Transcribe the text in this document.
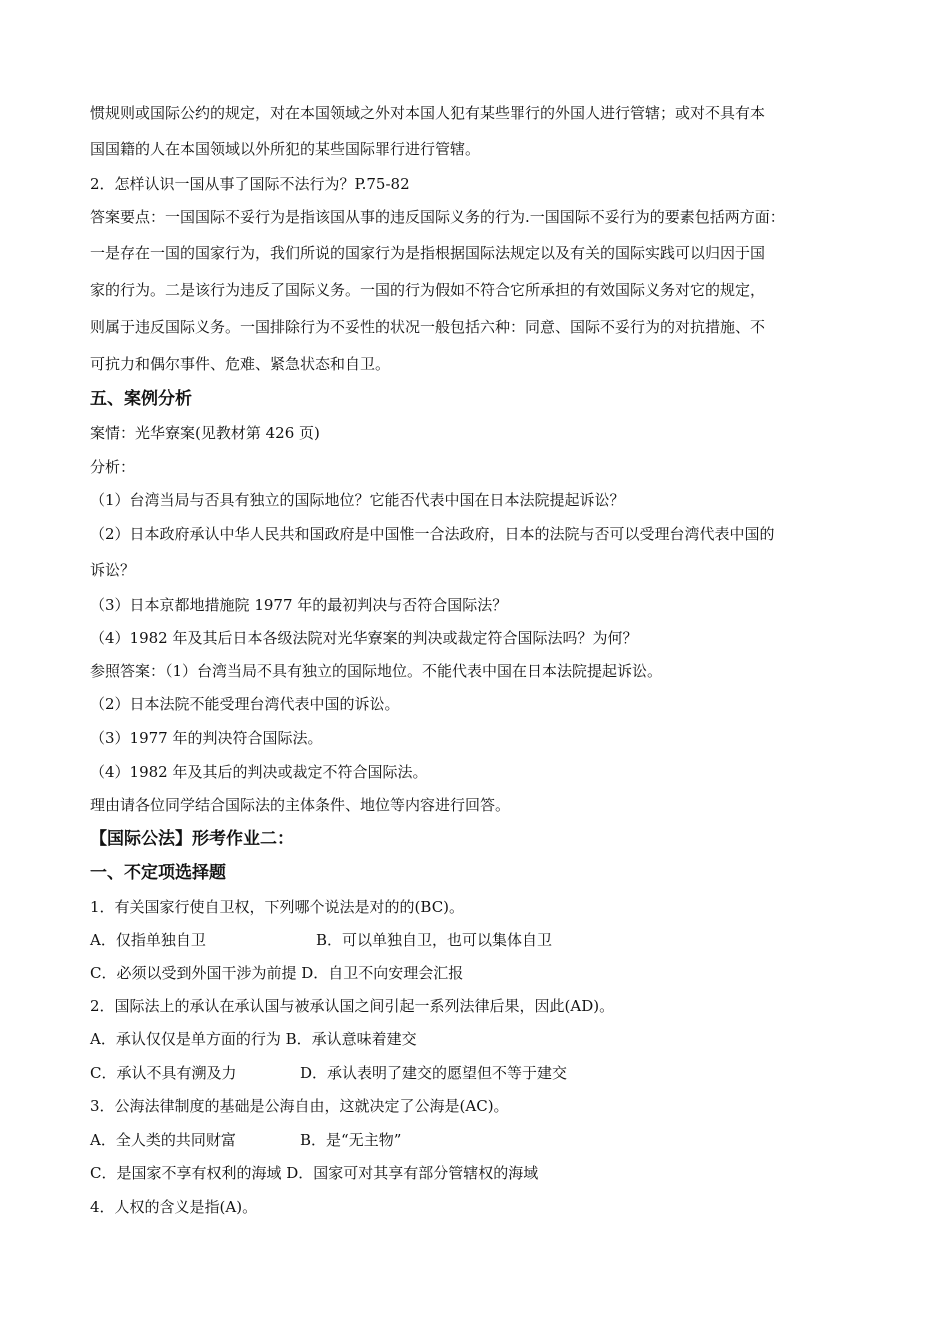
惯规则或国际公约的规定，对在本国领域之外对本国人犯有某些罪行的外国人进行管辖；或对不具有本
国国籍的人在本国领域以外所犯的某些国际罪行进行管辖。
2．怎样认识一国从事了国际不法行为？P.75-82
答案要点：一国国际不妥行为是指该国从事的违反国际义务的行为.一国国际不妥行为的要素包括两方面：
一是存在一国的国家行为，我们所说的国家行为是指根据国际法规定以及有关的国际实践可以归因于国
家的行为。二是该行为违反了国际义务。一国的行为假如不符合它所承担的有效国际义务对它的规定，
则属于违反国际义务。一国排除行为不妥性的状况一般包括六种：同意、国际不妥行为的对抗措施、不
可抗力和偶尔事件、危难、紧急状态和自卫。
五、案例分析
案情：光华寮案(见教材第 426 页)
分析：
（1）台湾当局与否具有独立的国际地位？它能否代表中国在日本法院提起诉讼？
（2）日本政府承认中华人民共和国政府是中国惟一合法政府，日本的法院与否可以受理台湾代表中国的
诉讼？
（3）日本京都地措施院 1977 年的最初判决与否符合国际法？
（4）1982 年及其后日本各级法院对光华寮案的判决或裁定符合国际法吗？为何？
参照答案：（1）台湾当局不具有独立的国际地位。不能代表中国在日本法院提起诉讼。
（2）日本法院不能受理台湾代表中国的诉讼。
（3）1977 年的判决符合国际法。
（4）1982 年及其后的判决或裁定不符合国际法。
理由请各位同学结合国际法的主体条件、地位等内容进行回答。
【国际公法】形考作业二：
一、不定项选择题
1．有关国家行使自卫权，下列哪个说法是对的的(BC)。
A．仅指单独自卫	B．可以单独自卫，也可以集体自卫
C．必须以受到外国干涉为前提 D．自卫不向安理会汇报
2．国际法上的承认在承认国与被承认国之间引起一系列法律后果，因此(AD)。
A．承认仅仅是单方面的行为 B．承认意味着建交
C．承认不具有溯及力	D．承认表明了建交的愿望但不等于建交
3．公海法律制度的基础是公海自由，这就决定了公海是(AC)。
A．全人类的共同财富	B．是“无主物”
C．是国家不享有权利的海域 D．国家可对其享有部分管辖权的海域
4．人权的含义是指(A)。
